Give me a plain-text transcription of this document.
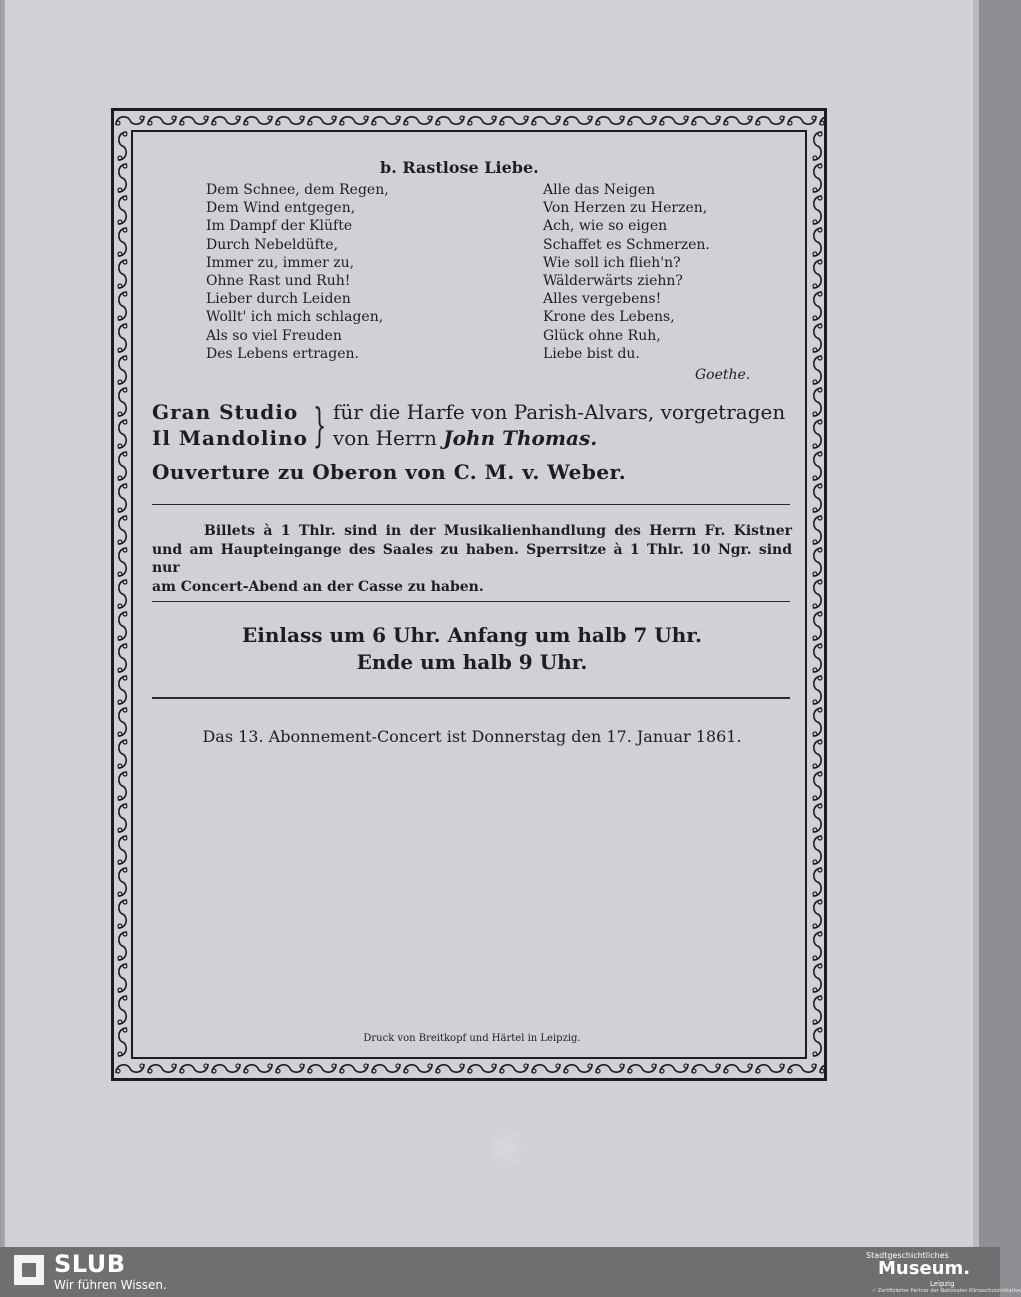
b. Rastlose Liebe.
Dem Schnee, dem Regen,
Dem Wind entgegen,
Im Dampf der Klüfte
Durch Nebeldüfte,
Immer zu, immer zu,
Ohne Rast und Ruh!
Lieber durch Leiden
Wollt' ich mich schlagen,
Als so viel Freuden
Des Lebens ertragen.
Alle das Neigen
Von Herzen zu Herzen,
Ach, wie so eigen
Schaffet es Schmerzen.
Wie soll ich flieh'n?
Wälderwärts ziehn?
Alles vergebens!
Krone des Lebens,
Glück ohne Ruh,
Liebe bist du.
Goethe.
Gran Studio
Il Mandolino } für die Harfe von Parish-Alvars, vorgetragen
von Herrn John Thomas.
Ouverture zu Oberon von C. M. v. Weber.
Billets à 1 Thlr. sind in der Musikalienhandlung des Herrn Fr. Kistner
und am Haupteingange des Saales zu haben. Sperrsitze à 1 Thlr. 10 Ngr. sind nur
am Concert-Abend an der Casse zu haben.
Einlass um 6 Uhr. Anfang um halb 7 Uhr.
Ende um halb 9 Uhr.
Das 13. Abonnement-Concert ist Donnerstag den 17. Januar 1861.
Druck von Breitkopf und Härtel in Leipzig.
SLUB
Wir führen Wissen.
Stadtgeschichtliches
Museum.
Leipzig
✓ Zertifizierter Partner der Nationalen Klimaschutzinitiative
